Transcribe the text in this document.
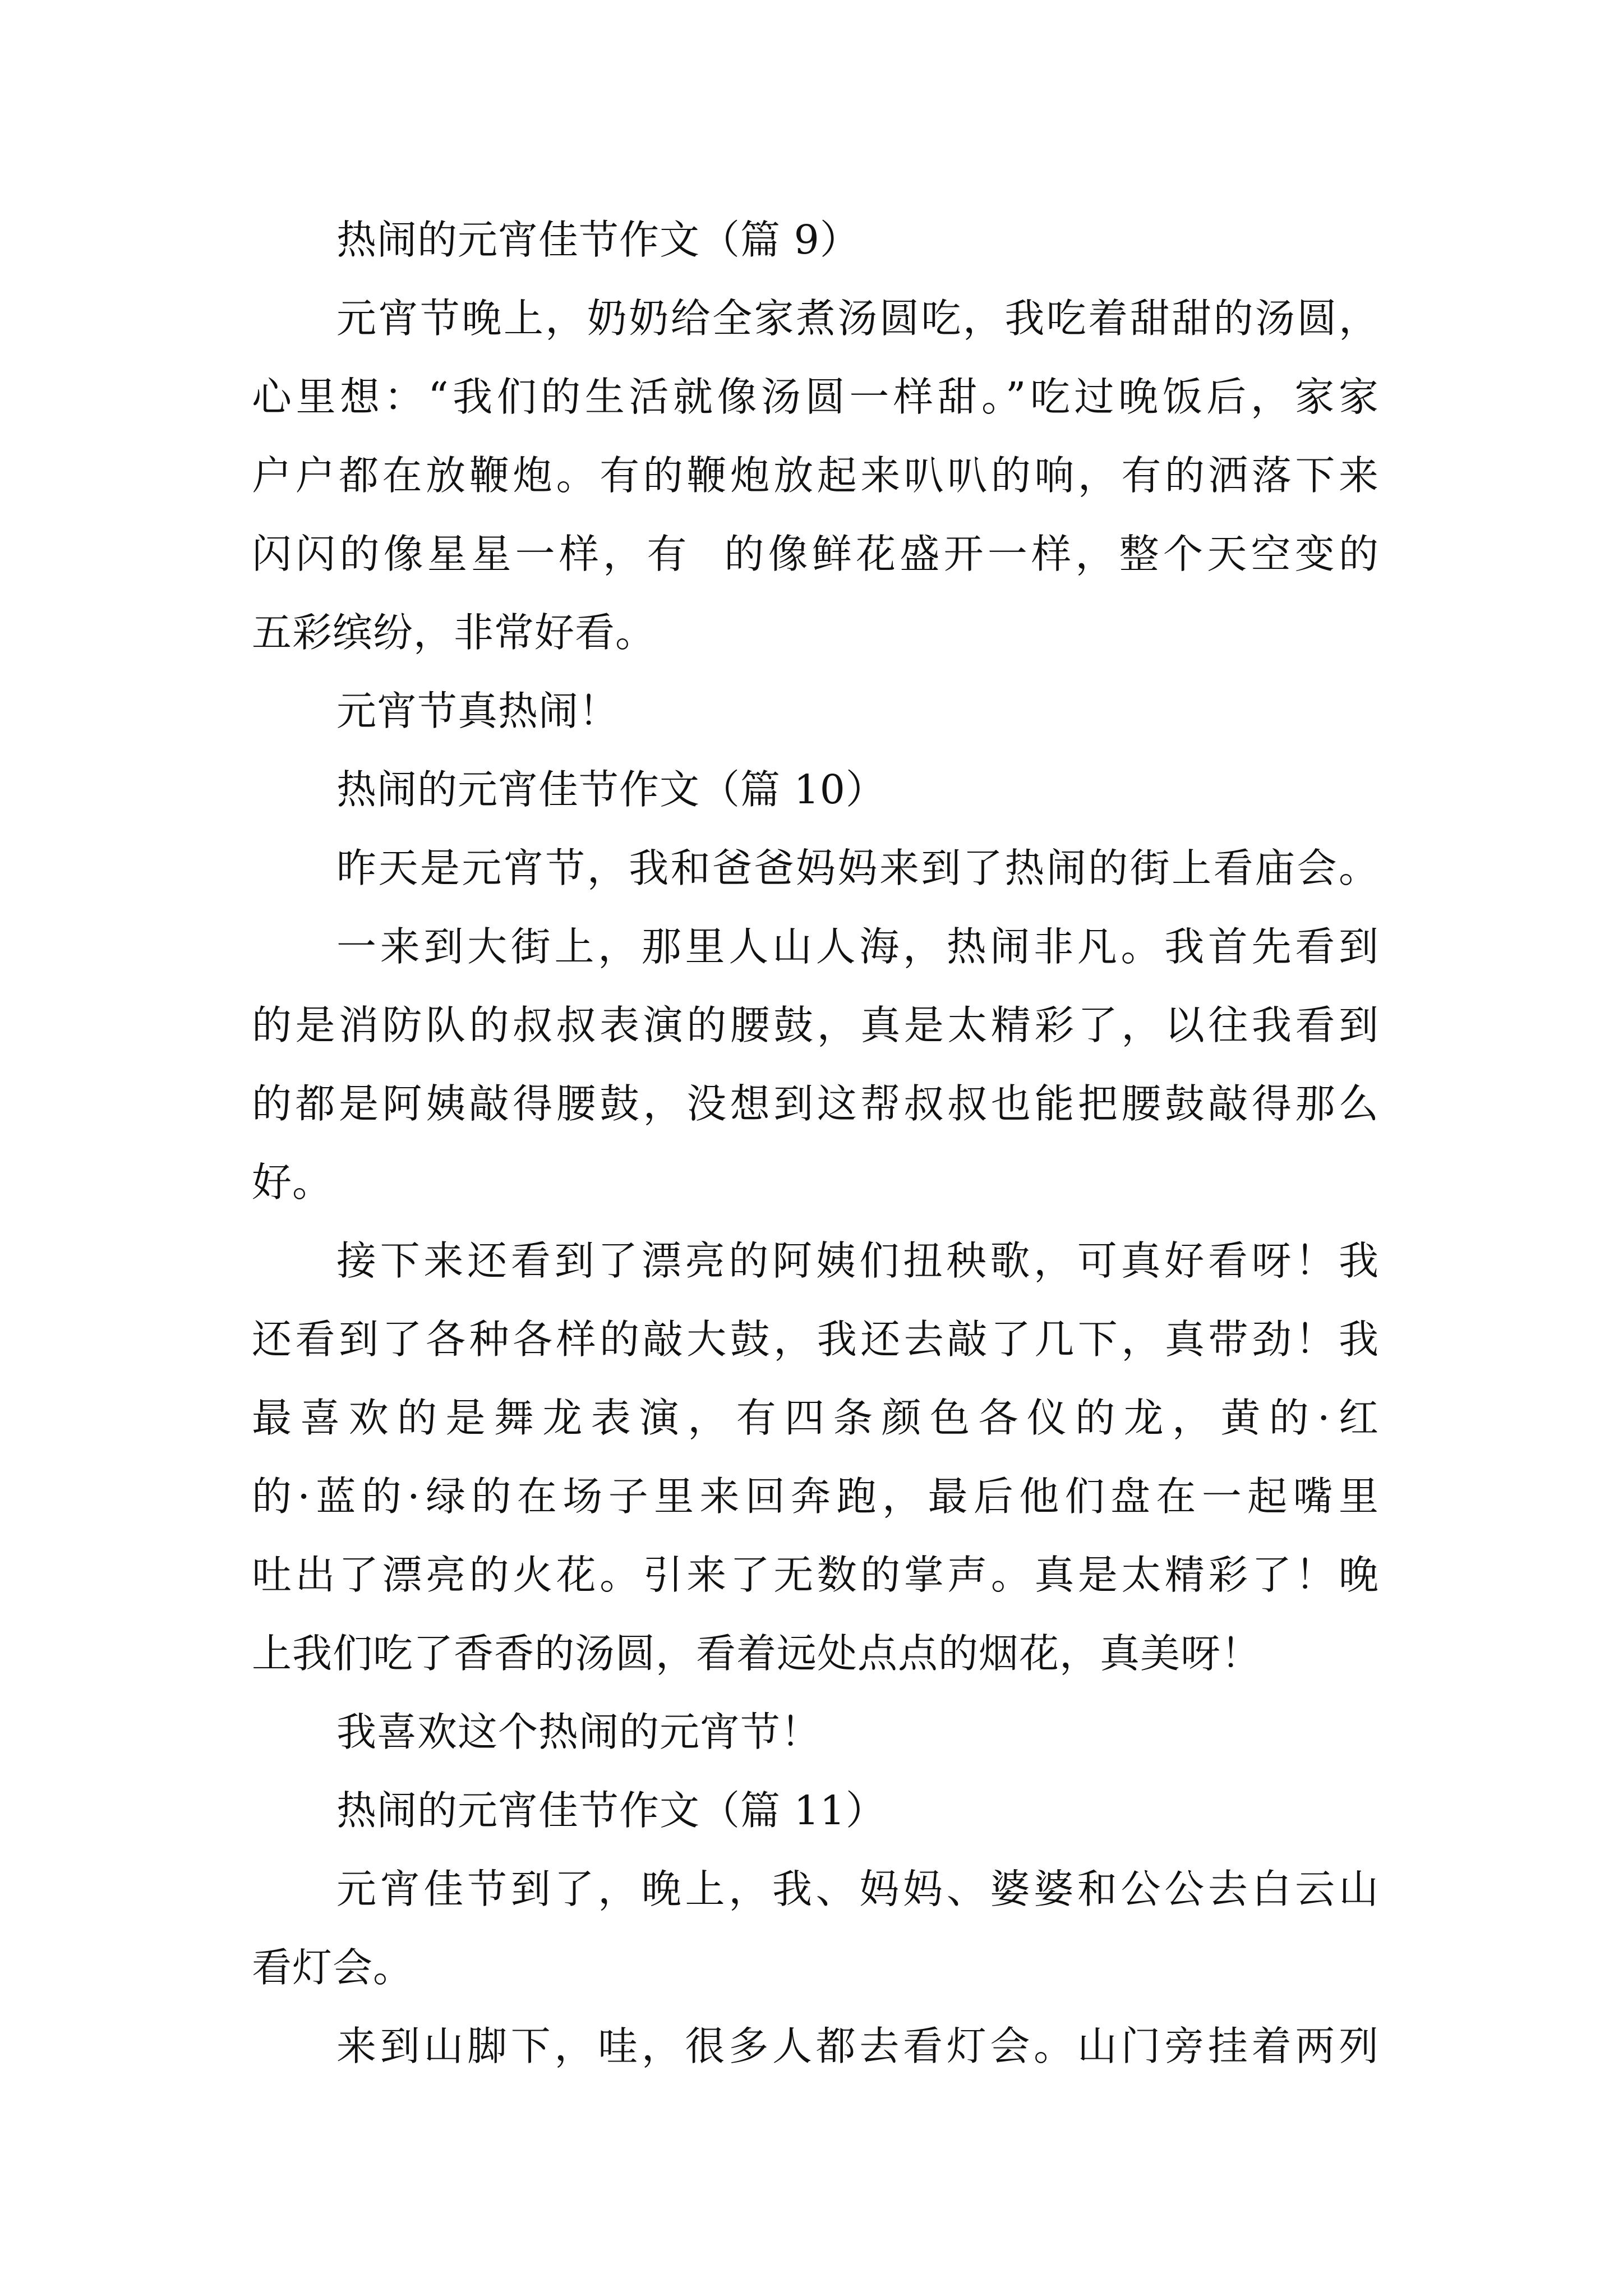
热闹的元宵佳节作文（篇 9）

元宵节晚上，奶奶给全家煮汤圆吃，我吃着甜甜的汤圆，

心里想：“我们的生活就像汤圆一样甜。”吃过晚饭后，家家

户户都在放鞭炮。有的鞭炮放起来叭叭的响，有的洒落下来

闪闪的像星星一样，有  的像鲜花盛开一样，整个天空变的

五彩缤纷，非常好看。

元宵节真热闹！

热闹的元宵佳节作文（篇 10）

昨天是元宵节，我和爸爸妈妈来到了热闹的街上看庙会。

一来到大街上，那里人山人海，热闹非凡。我首先看到

的是消防队的叔叔表演的腰鼓，真是太精彩了，以往我看到

的都是阿姨敲得腰鼓，没想到这帮叔叔也能把腰鼓敲得那么

好。

接下来还看到了漂亮的阿姨们扭秧歌，可真好看呀！我

还看到了各种各样的敲大鼓，我还去敲了几下，真带劲！我

最喜欢的是舞龙表演，有四条颜色各仪的龙，黄的·红

的·蓝的·绿的在场子里来回奔跑，最后他们盘在一起嘴里

吐出了漂亮的火花。引来了无数的掌声。真是太精彩了！晚

上我们吃了香香的汤圆，看着远处点点的烟花，真美呀！

我喜欢这个热闹的元宵节！

热闹的元宵佳节作文（篇 11）

元宵佳节到了，晚上，我、妈妈、婆婆和公公去白云山

看灯会。

来到山脚下，哇，很多人都去看灯会。山门旁挂着两列
